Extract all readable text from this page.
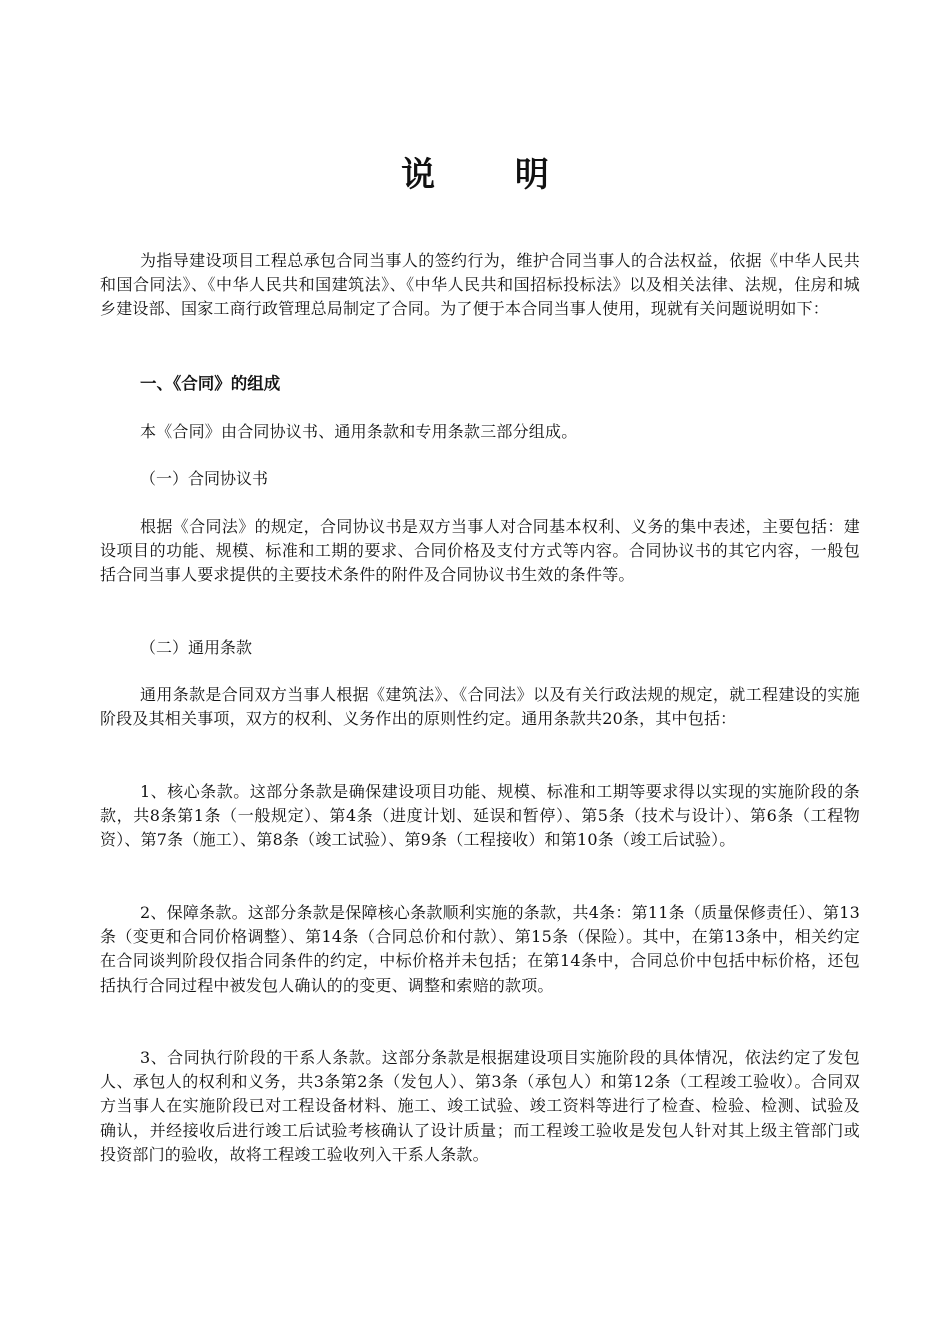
说 明

为指导建设项目工程总承包合同当事人的签约行为，维护合同当事人的合法权益，依据《中华人民共和国合同法》、《中华人民共和国建筑法》、《中华人民共和国招标投标法》以及相关法律、法规，住房和城乡建设部、国家工商行政管理总局制定了合同。为了便于本合同当事人使用，现就有关问题说明如下：

一、《合同》的组成

本《合同》由合同协议书、通用条款和专用条款三部分组成。

（一）合同协议书

根据《合同法》的规定，合同协议书是双方当事人对合同基本权利、义务的集中表述，主要包括：建设项目的功能、规模、标准和工期的要求、合同价格及支付方式等内容。合同协议书的其它内容，一般包括合同当事人要求提供的主要技术条件的附件及合同协议书生效的条件等。

（二）通用条款

通用条款是合同双方当事人根据《建筑法》、《合同法》以及有关行政法规的规定，就工程建设的实施阶段及其相关事项，双方的权利、义务作出的原则性约定。通用条款共20条，其中包括：

1、核心条款。这部分条款是确保建设项目功能、规模、标准和工期等要求得以实现的实施阶段的条款，共8条第1条（一般规定）、第4条（进度计划、延误和暂停）、第5条（技术与设计）、第6条（工程物资）、第7条（施工）、第8条（竣工试验）、第9条（工程接收）和第10条（竣工后试验）。

2、保障条款。这部分条款是保障核心条款顺利实施的条款，共4条：第11条（质量保修责任）、第13条（变更和合同价格调整）、第14条（合同总价和付款）、第15条（保险）。其中，在第13条中，相关约定在合同谈判阶段仅指合同条件的约定，中标价格并未包括；在第14条中，合同总价中包括中标价格，还包括执行合同过程中被发包人确认的的变更、调整和索赔的款项。

3、合同执行阶段的干系人条款。这部分条款是根据建设项目实施阶段的具体情况，依法约定了发包人、承包人的权利和义务，共3条第2条（发包人）、第3条（承包人）和第12条（工程竣工验收）。合同双方当事人在实施阶段已对工程设备材料、施工、竣工试验、竣工资料等进行了检查、检验、检测、试验及确认，并经接收后进行竣工后试验考核确认了设计质量；而工程竣工验收是发包人针对其上级主管部门或投资部门的验收，故将工程竣工验收列入干系人条款。
